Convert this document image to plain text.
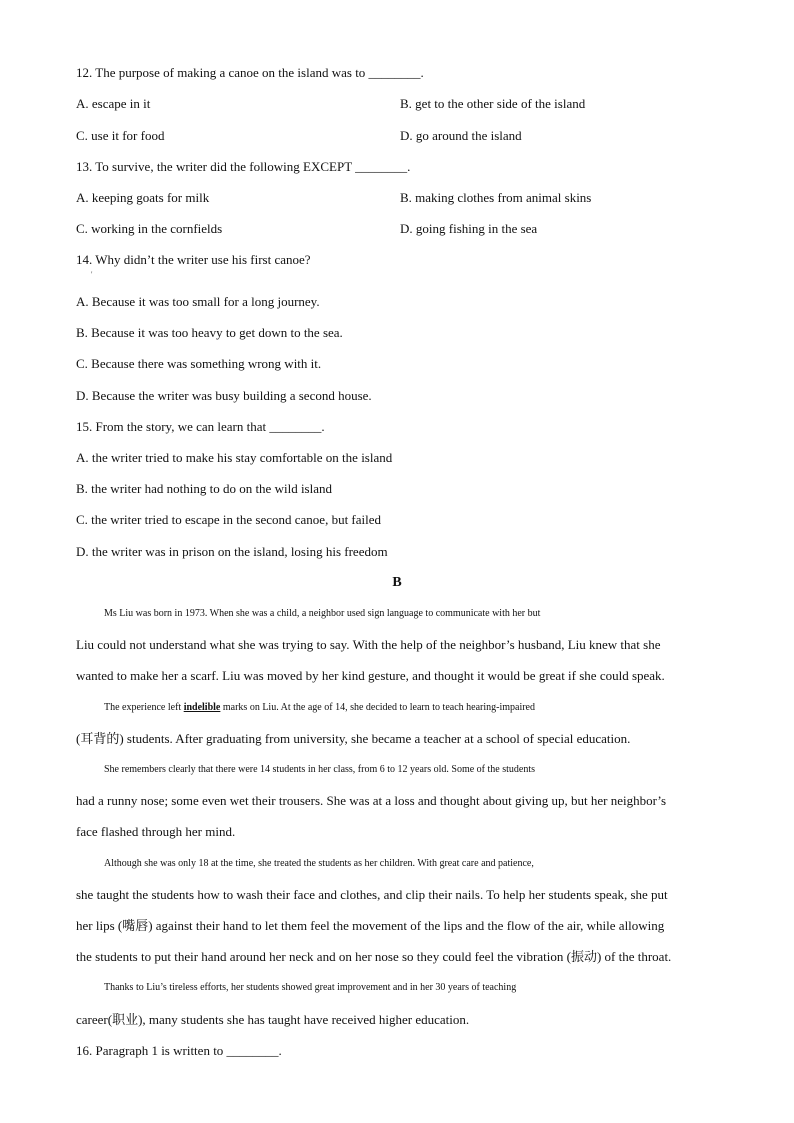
12. The purpose of making a canoe on the island was to ________.
A. escape in it	B. get to the other side of the island
C. use it for food	D. go around the island
13. To survive, the writer did the following EXCEPT ________.
A. keeping goats for milk	B. making clothes from animal skins
C. working in the cornfields	D. going fishing in the sea
14. Why didn’t the writer use his first canoe?
'
A. Because it was too small for a long journey.
B. Because it was too heavy to get down to the sea.
C. Because there was something wrong with it.
D. Because the writer was busy building a second house.
15. From the story, we can learn that ________.
A. the writer tried to make his stay comfortable on the island
B. the writer had nothing to do on the wild island
C. the writer tried to escape in the second canoe, but failed
D. the writer was in prison on the island, losing his freedom
B
Ms Liu was born in 1973. When she was a child, a neighbor used sign language to communicate with her but
Liu could not understand what she was trying to say. With the help of the neighbor’s husband, Liu knew that she
wanted to make her a scarf. Liu was moved by her kind gesture, and thought it would be great if she could speak.
The experience left indelible marks on Liu. At the age of 14, she decided to learn to teach hearing-impaired
(耳背的) students. After graduating from university, she became a teacher at a school of special education.
She remembers clearly that there were 14 students in her class, from 6 to 12 years old. Some of the students
had a runny nose; some even wet their trousers. She was at a loss and thought about giving up, but her neighbor’s
face flashed through her mind.
Although she was only 18 at the time, she treated the students as her children. With great care and patience,
she taught the students how to wash their face and clothes, and clip their nails. To help her students speak, she put
her lips (嘴唇) against their hand to let them feel the movement of the lips and the flow of the air, while allowing
the students to put their hand around her neck and on her nose so they could feel the vibration (振动) of the throat.
Thanks to Liu’s tireless efforts, her students showed great improvement and in her 30 years of teaching
career(职业), many students she has taught have received higher education.
16. Paragraph 1 is written to ________.
